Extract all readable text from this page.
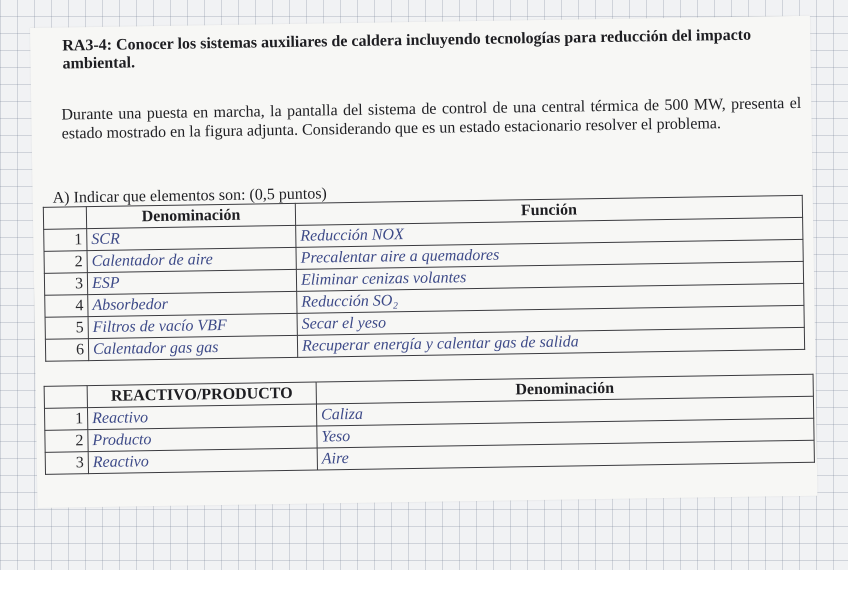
RA3-4: Conocer los sistemas auxiliares de caldera incluyendo tecnologías para reducción del impacto ambiental.

Durante una puesta en marcha, la pantalla del sistema de control de una central térmica de 500 MW, presenta el estado mostrado en la figura adjunta. Considerando que es un estado estacionario resolver el problema.

A) Indicar que elementos son: (0,5 puntos)

	Denominación	Función
1	SCR	Reducción NOX
2	Calentador de aire	Precalentar aire a quemadores
3	ESP	Eliminar cenizas volantes
4	Absorbedor	Reducción SO₂
5	Filtros de vacío VBF	Secar el yeso
6	Calentador gas gas	Recuperar energía y calentar gas de salida
	REACTIVO/PRODUCTO	Denominación
1	Reactivo	Caliza
2	Producto	Yeso
3	Reactivo	Aire
